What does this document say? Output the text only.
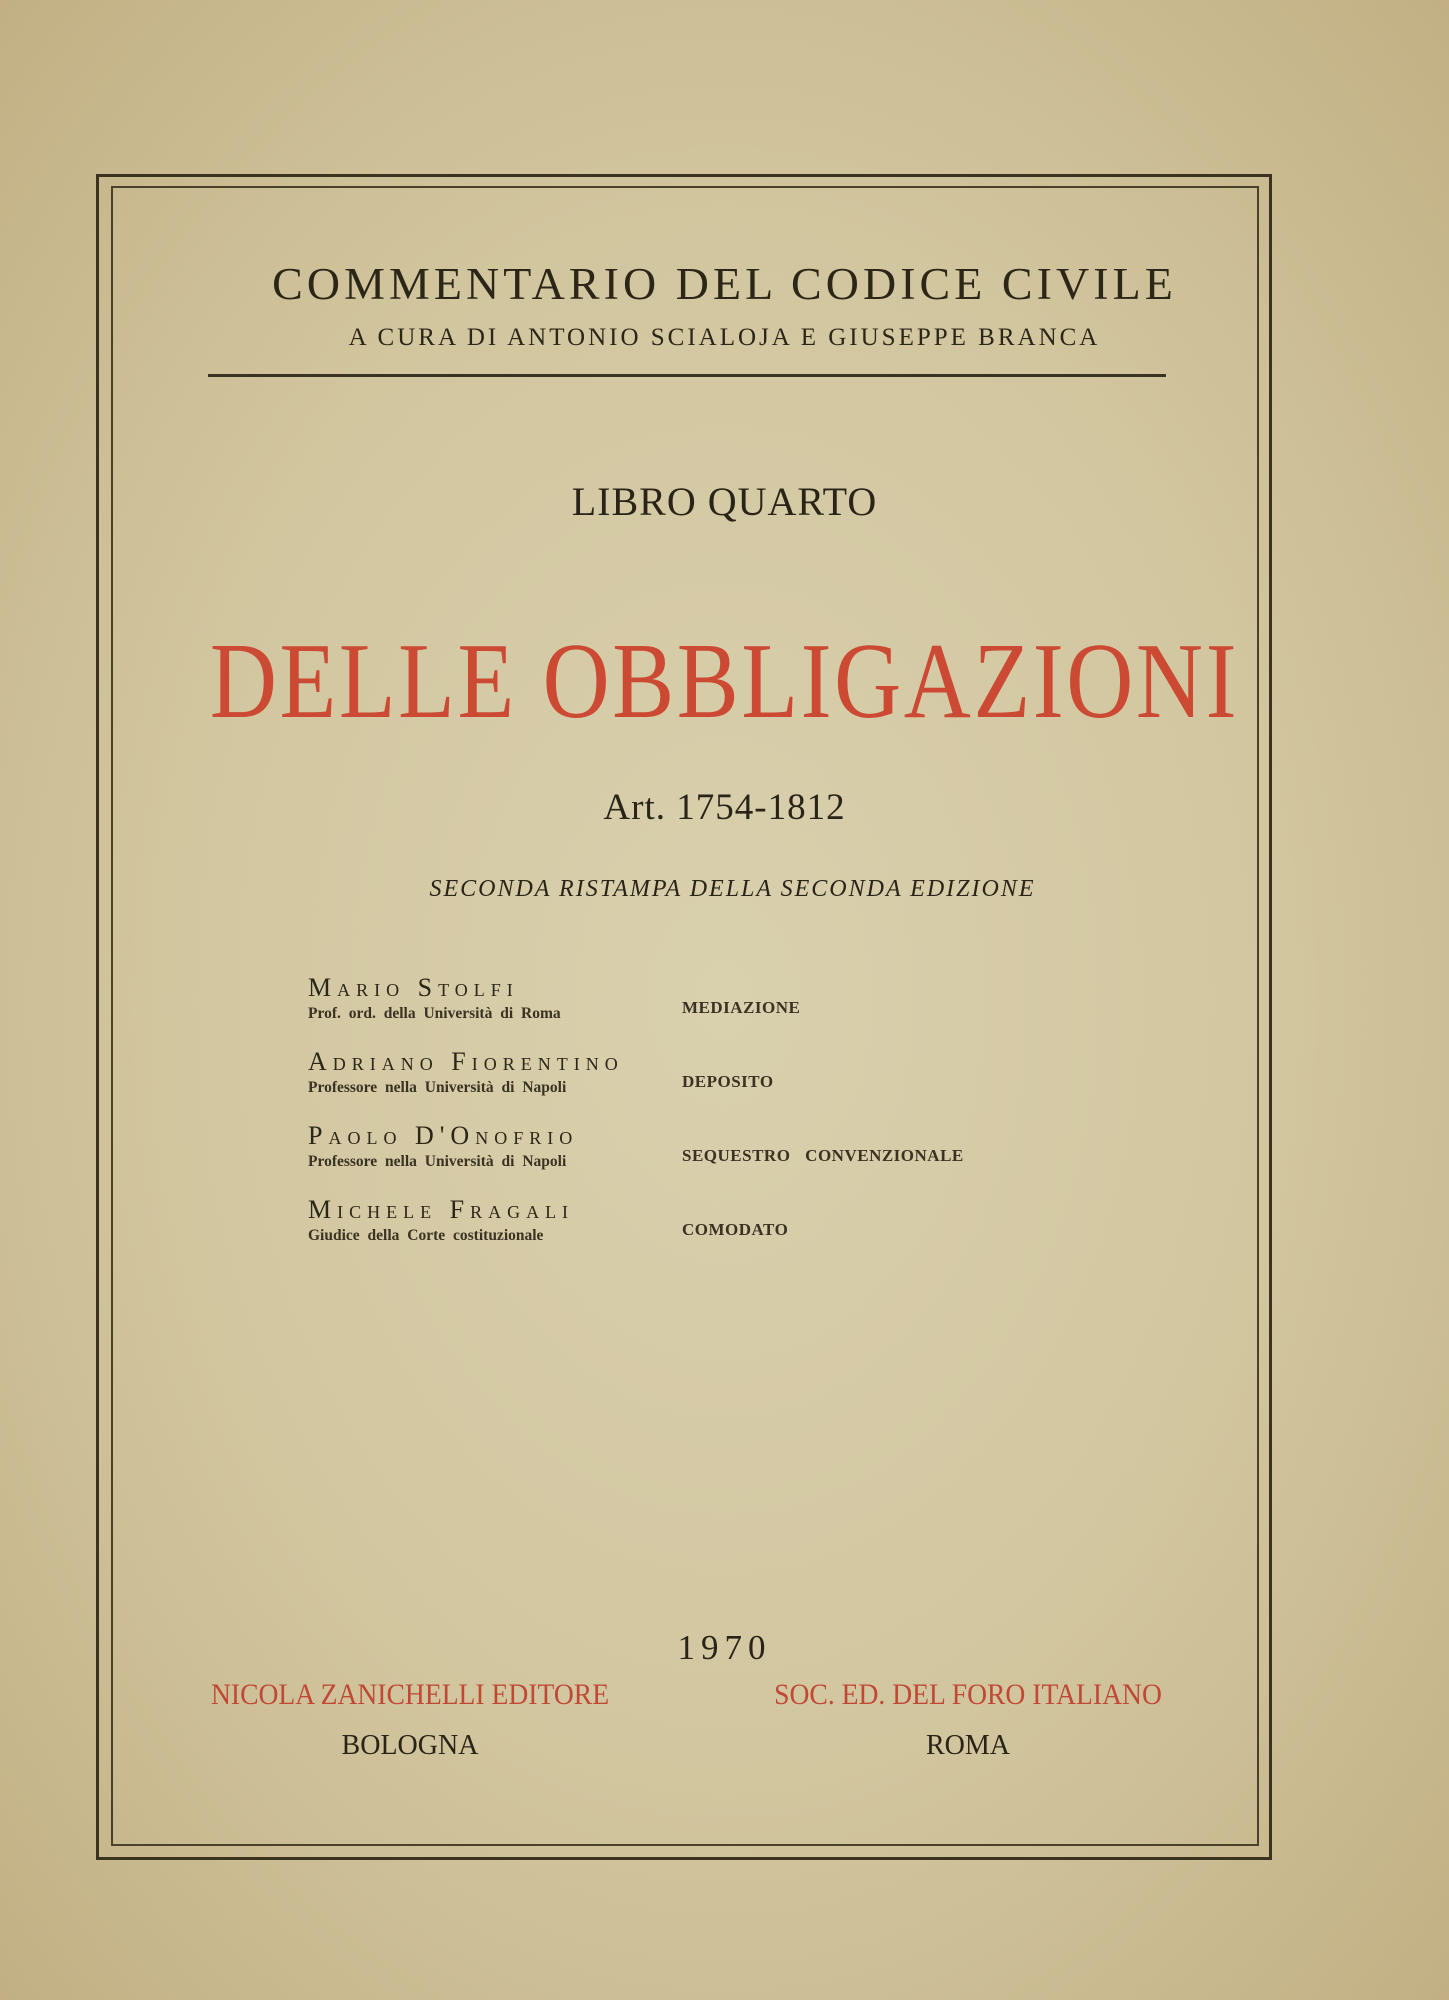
COMMENTARIO DEL CODICE CIVILE
A CURA DI ANTONIO SCIALOJA E GIUSEPPE BRANCA
LIBRO QUARTO
DELLE OBBLIGAZIONI
Art. 1754-1812
SECONDA RISTAMPA DELLA SECONDA EDIZIONE
Mario Stolfi
Prof. ord. della Università di Roma	MEDIAZIONE
Adriano Fiorentino
Professore nella Università di Napoli	DEPOSITO
Paolo D'Onofrio
Professore nella Università di Napoli	SEQUESTRO CONVENZIONALE
Michele Fragali
Giudice della Corte costituzionale	COMODATO
1970
NICOLA ZANICHELLI EDITORE
BOLOGNA
SOC. ED. DEL FORO ITALIANO
ROMA
